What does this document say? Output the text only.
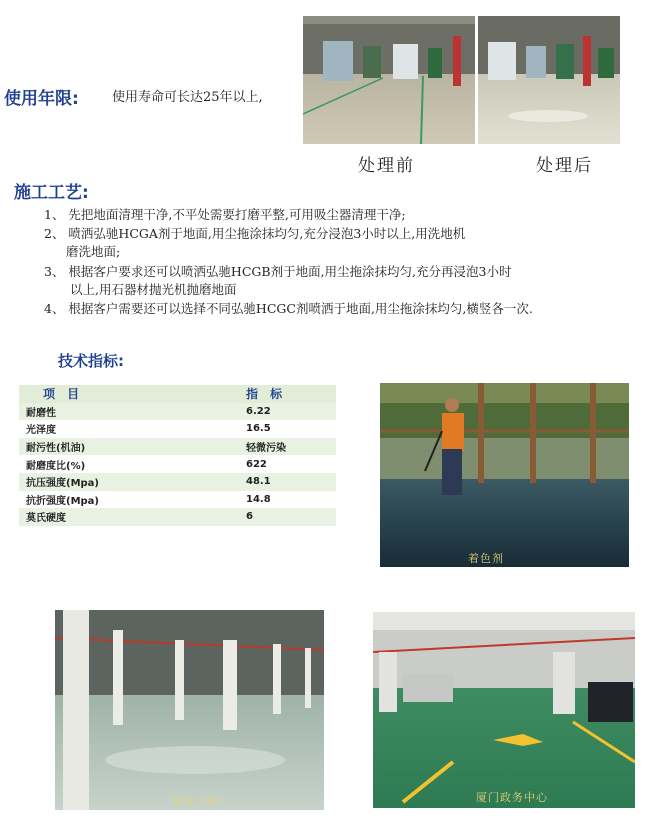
使用年限:	使用寿命可长达25年以上,
处理前	处理后
施工工艺:
1、 先把地面清理干净,不平处需要打磨平整,可用吸尘器清理干净;
2、 喷洒弘驰HCGA剂于地面,用尘拖涂抹均匀,充分浸泡3小时以上,用洗地机
磨洗地面;
3、 根据客户要求还可以喷洒弘驰HCGB剂于地面,用尘拖涂抹均匀,充分再浸泡3小时
以上,用石器材抛光机抛磨地面
4、 根据客户需要还可以选择不同弘驰HCGC剂喷洒于地面,用尘拖涂抹均匀,横竖各一次.
技术指标:
项 目	指 标
耐磨性	6.22
光泽度	16.5
耐污性(机油)	轻微污染
耐磨度比(%)	622
抗压强度(Mpa)	48.1
抗折强度(Mpa)	14.8
莫氏硬度	6

着色剂
恒安卫材	厦门政务中心
